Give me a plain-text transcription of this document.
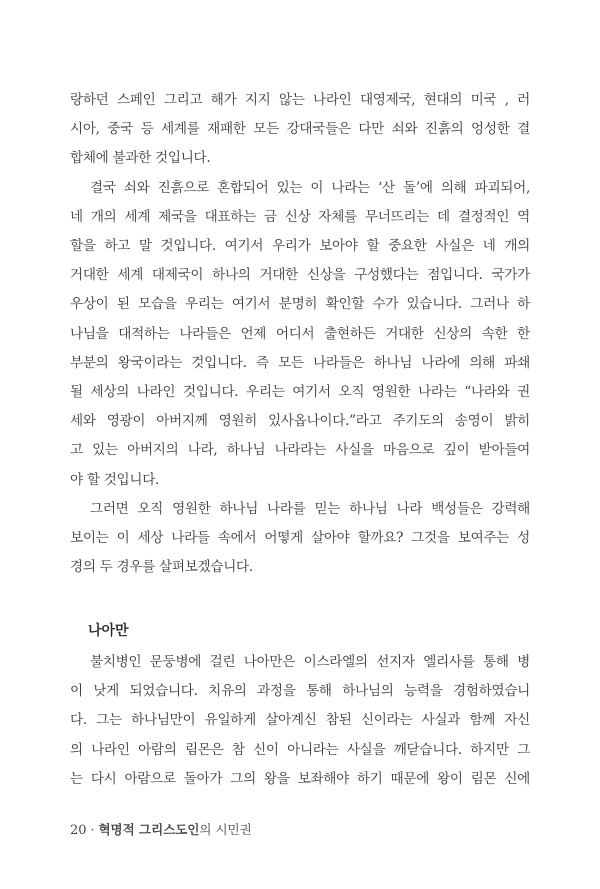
랑하던 스페인 그리고 해가 지지 않는 나라인 대영제국, 현대의 미국 , 러
시아, 중국 등 세계를 재패한 모든 강대국들은 다만 쇠와 진흙의 엉성한 결
합체에 불과한 것입니다.

결국 쇠와 진흙으로 혼합되어 있는 이 나라는 ‘산 돌’에 의해 파괴되어,
네 개의 세계 제국을 대표하는 금 신상 자체를 무너뜨리는 데 결정적인 역
할을 하고 말 것입니다. 여기서 우리가 보아야 할 중요한 사실은 네 개의
거대한 세계 대제국이 하나의 거대한 신상을 구성했다는 점입니다. 국가가
우상이 된 모습을 우리는 여기서 분명히 확인할 수가 있습니다. 그러나 하
나님을 대적하는 나라들은 언제 어디서 출현하든 거대한 신상의 속한 한
부분의 왕국이라는 것입니다. 즉 모든 나라들은 하나님 나라에 의해 파쇄
될 세상의 나라인 것입니다. 우리는 여기서 오직 영원한 나라는 “나라와 권
세와 영광이 아버지께 영원히 있사옵나이다.”라고 주기도의 송영이 밝히
고 있는 아버지의 나라, 하나님 나라라는 사실을 마음으로 깊이 받아들여
야 할 것입니다.

그러면 오직 영원한 하나님 나라를 믿는 하나님 나라 백성들은 강력해
보이는 이 세상 나라들 속에서 어떻게 살아야 할까요? 그것을 보여주는 성
경의 두 경우를 살펴보겠습니다.

나아만

불치병인 문둥병에 걸린 나아만은 이스라엘의 선지자 엘리사를 통해 병
이 낫게 되었습니다. 치유의 과정을 통해 하나님의 능력을 경험하였습니
다. 그는 하나님만이 유일하게 살아계신 참된 신이라는 사실과 함께 자신
의 나라인 아람의 림몬은 참 신이 아니라는 사실을 깨닫습니다. 하지만 그
는 다시 아람으로 돌아가 그의 왕을 보좌해야 하기 때문에 왕이 림몬 신에

20 · 혁명적 그리스도인의 시민권
